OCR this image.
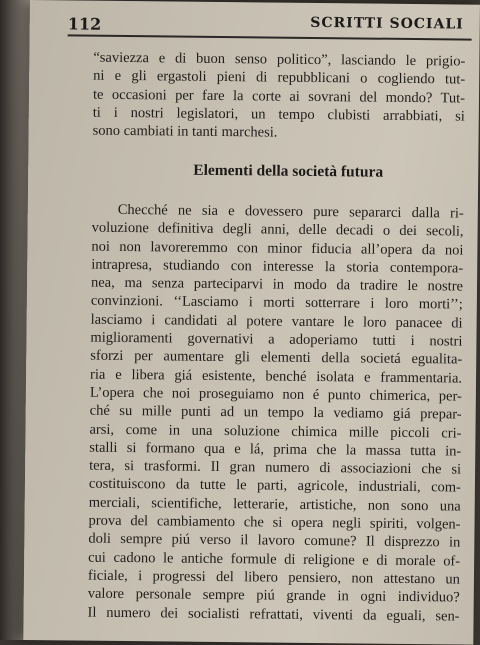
112	SCRITTI SOCIALI
“saviezza e di buon senso politico”, lasciando le prigio-
ni e gli ergastoli pieni di repubblicani o cogliendo tut-
te occasioni per fare la corte ai sovrani del mondo? Tut-
ti i nostri legislatori, un tempo clubisti arrabbiati, si
sono cambiati in tanti marchesi.
Elementi della società futura
Checché ne sia e dovessero pure separarci dalla ri-
voluzione definitiva degli anni, delle decadi o dei secoli,
noi non lavoreremmo con minor fiducia all’opera da noi
intrapresa, studiando con interesse la storia contempora-
nea, ma senza parteciparvi in modo da tradire le nostre
convinzioni. ‘‘Lasciamo i morti sotterrare i loro morti’’;
lasciamo i candidati al potere vantare le loro panacee di
miglioramenti governativi a adoperiamo tutti i nostri
sforzi per aumentare gli elementi della societá egualita-
ria e libera giá esistente, benché isolata e frammentaria.
L’opera che noi proseguiamo non é punto chimerica, per-
ché su mille punti ad un tempo la vediamo giá prepar-
arsi, come in una soluzione chimica mille piccoli cri-
stalli si formano qua e lá, prima che la massa tutta in-
tera, si trasformi. Il gran numero di associazioni che si
costituiscono da tutte le parti, agricole, industriali, com-
merciali, scientifiche, letterarie, artistiche, non sono una
prova del cambiamento che si opera negli spiriti, volgen-
doli sempre piú verso il lavoro comune? Il disprezzo in
cui cadono le antiche formule di religione e di morale of-
ficiale, i progressi del libero pensiero, non attestano un
valore personale sempre piú grande in ogni individuo?
Il numero dei socialisti refrattati, viventi da eguali, sen-
